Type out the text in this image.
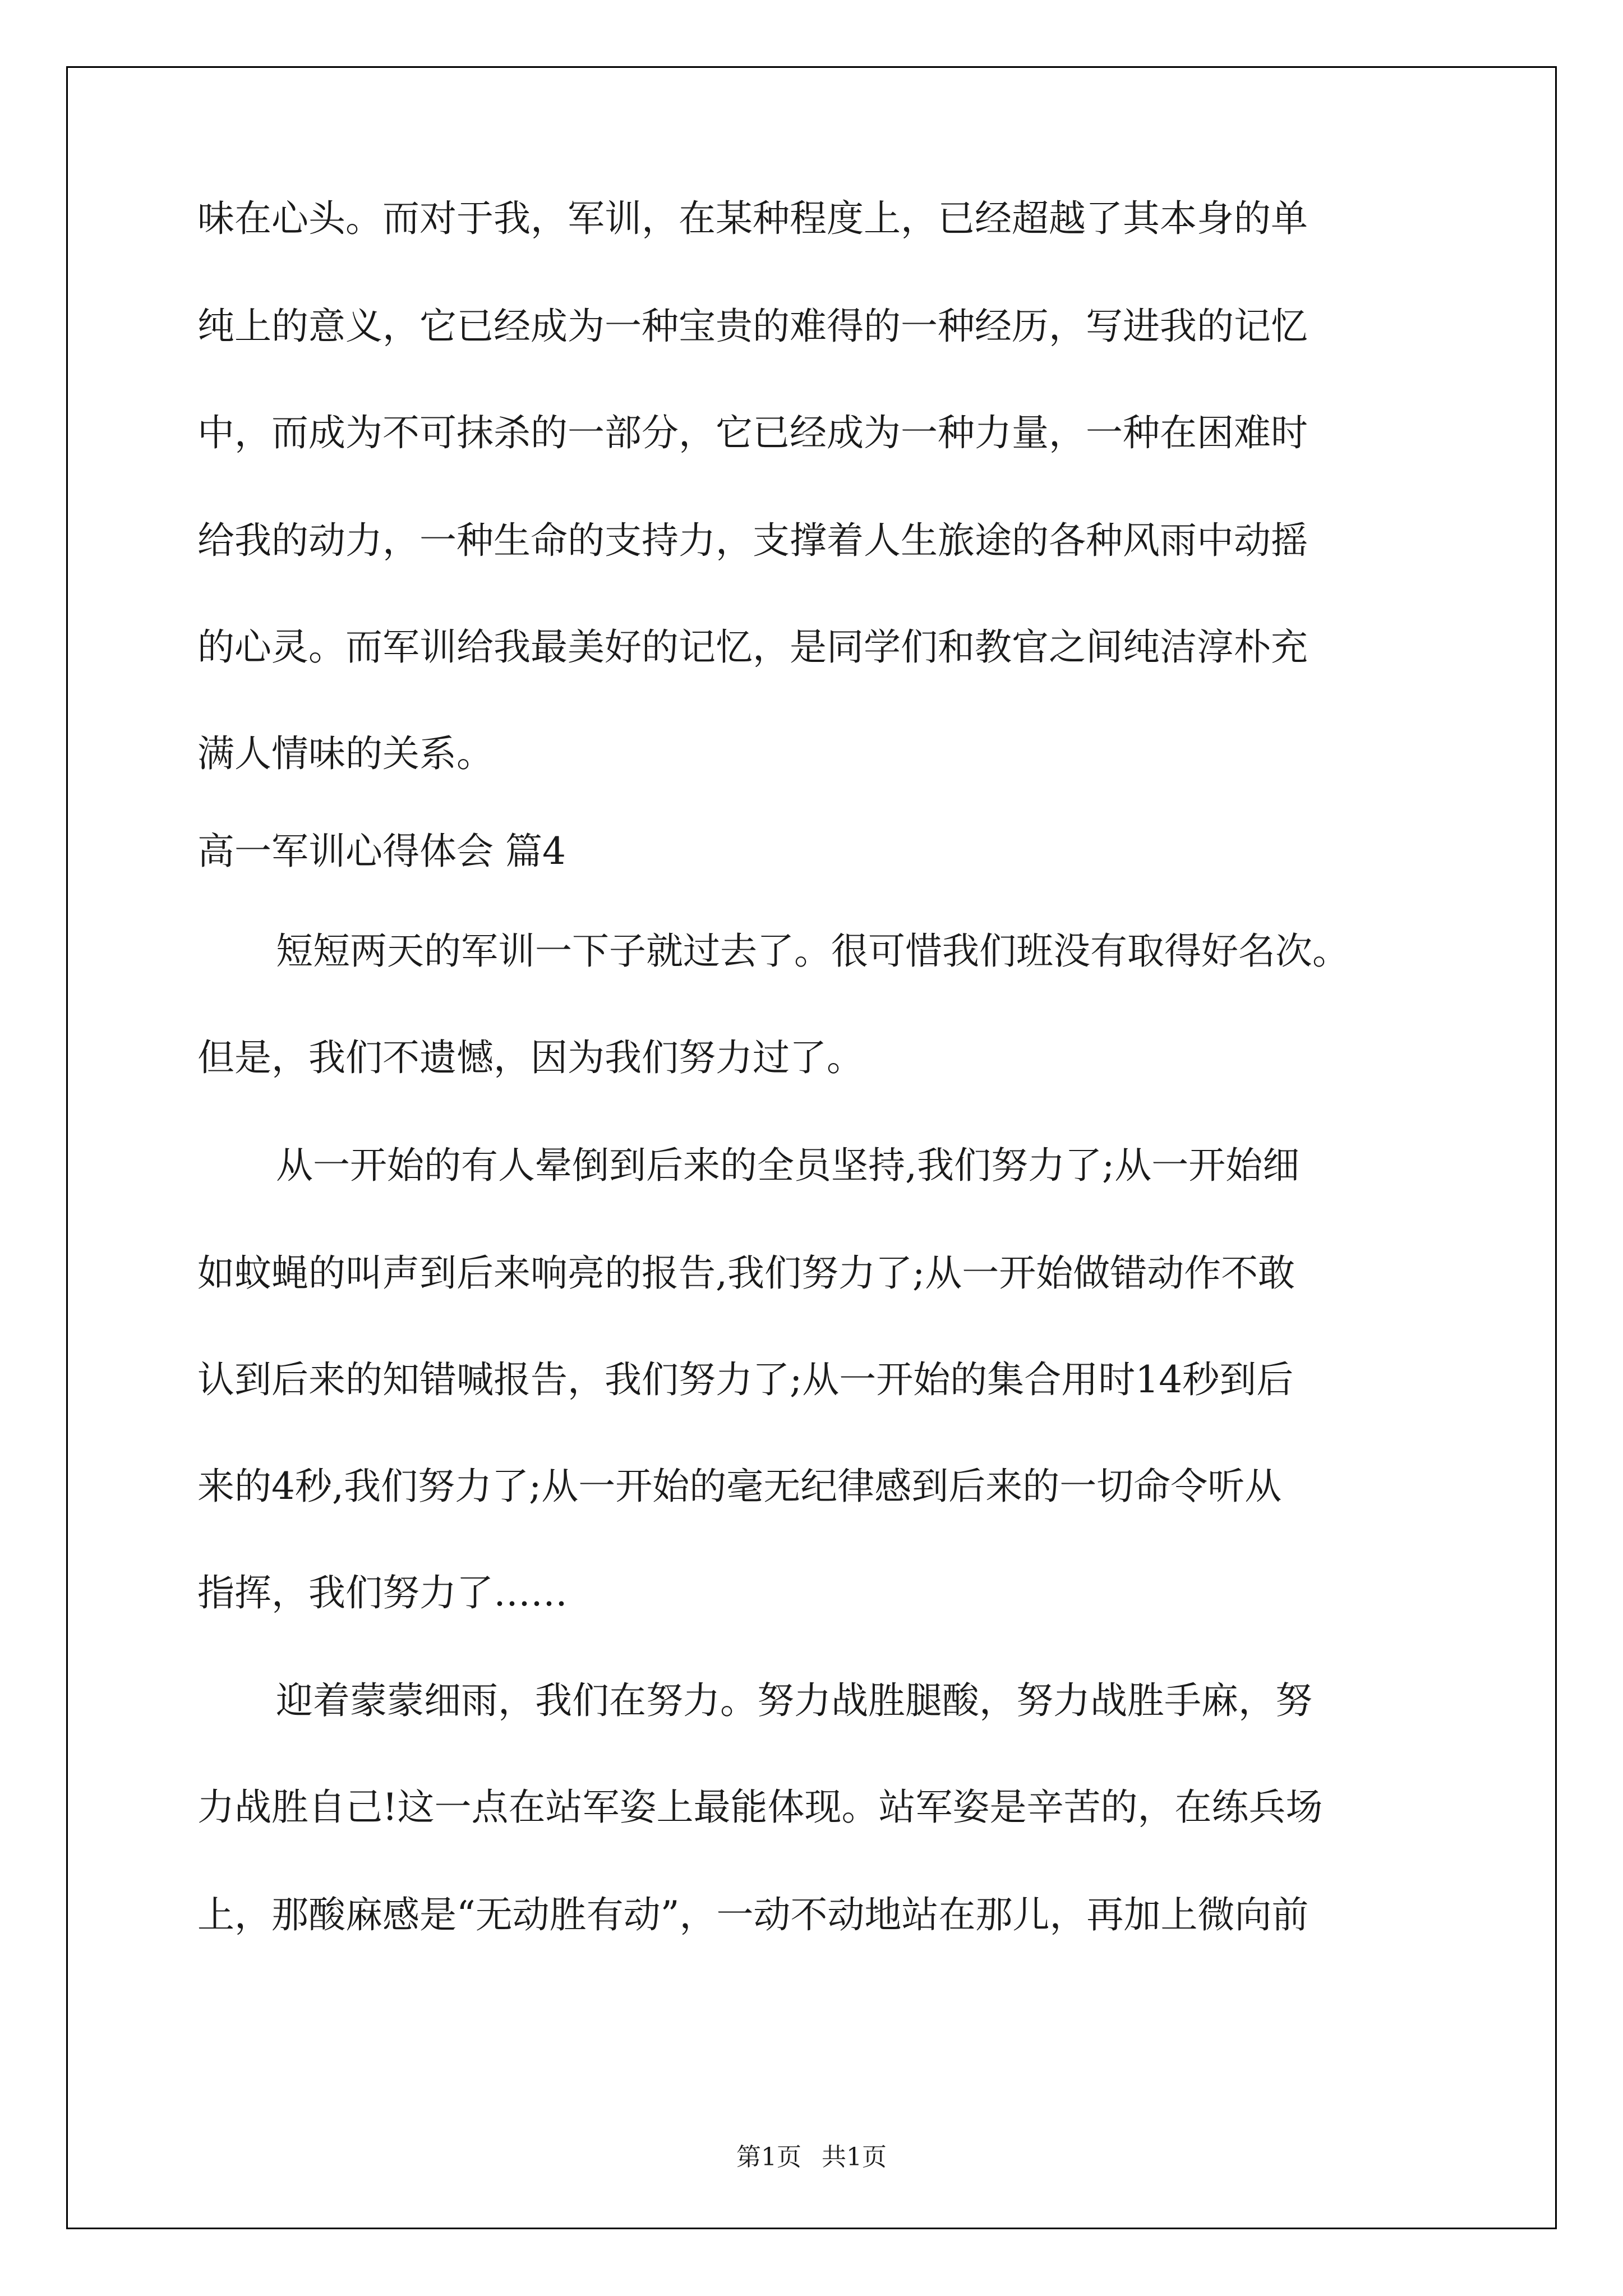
味在心头。而对于我，军训，在某种程度上，已经超越了其本身的单
纯上的意义，它已经成为一种宝贵的难得的一种经历，写进我的记忆
中，而成为不可抹杀的一部分，它已经成为一种力量，一种在困难时
给我的动力，一种生命的支持力，支撑着人生旅途的各种风雨中动摇
的心灵。而军训给我最美好的记忆，是同学们和教官之间纯洁淳朴充
满人情味的关系。
高一军训心得体会 篇4
短短两天的军训一下子就过去了。很可惜我们班没有取得好名次。
但是，我们不遗憾，因为我们努力过了。
从一开始的有人晕倒到后来的全员坚持,我们努力了;从一开始细
如蚊蝇的叫声到后来响亮的报告,我们努力了;从一开始做错动作不敢
认到后来的知错喊报告，我们努力了;从一开始的集合用时14秒到后
来的4秒,我们努力了;从一开始的毫无纪律感到后来的一切命令听从
指挥，我们努力了……
迎着蒙蒙细雨，我们在努力。努力战胜腿酸，努力战胜手麻，努
力战胜自己!这一点在站军姿上最能体现。站军姿是辛苦的，在练兵场
上，那酸麻感是“无动胜有动”，一动不动地站在那儿，再加上微向前
第1页 共1页
